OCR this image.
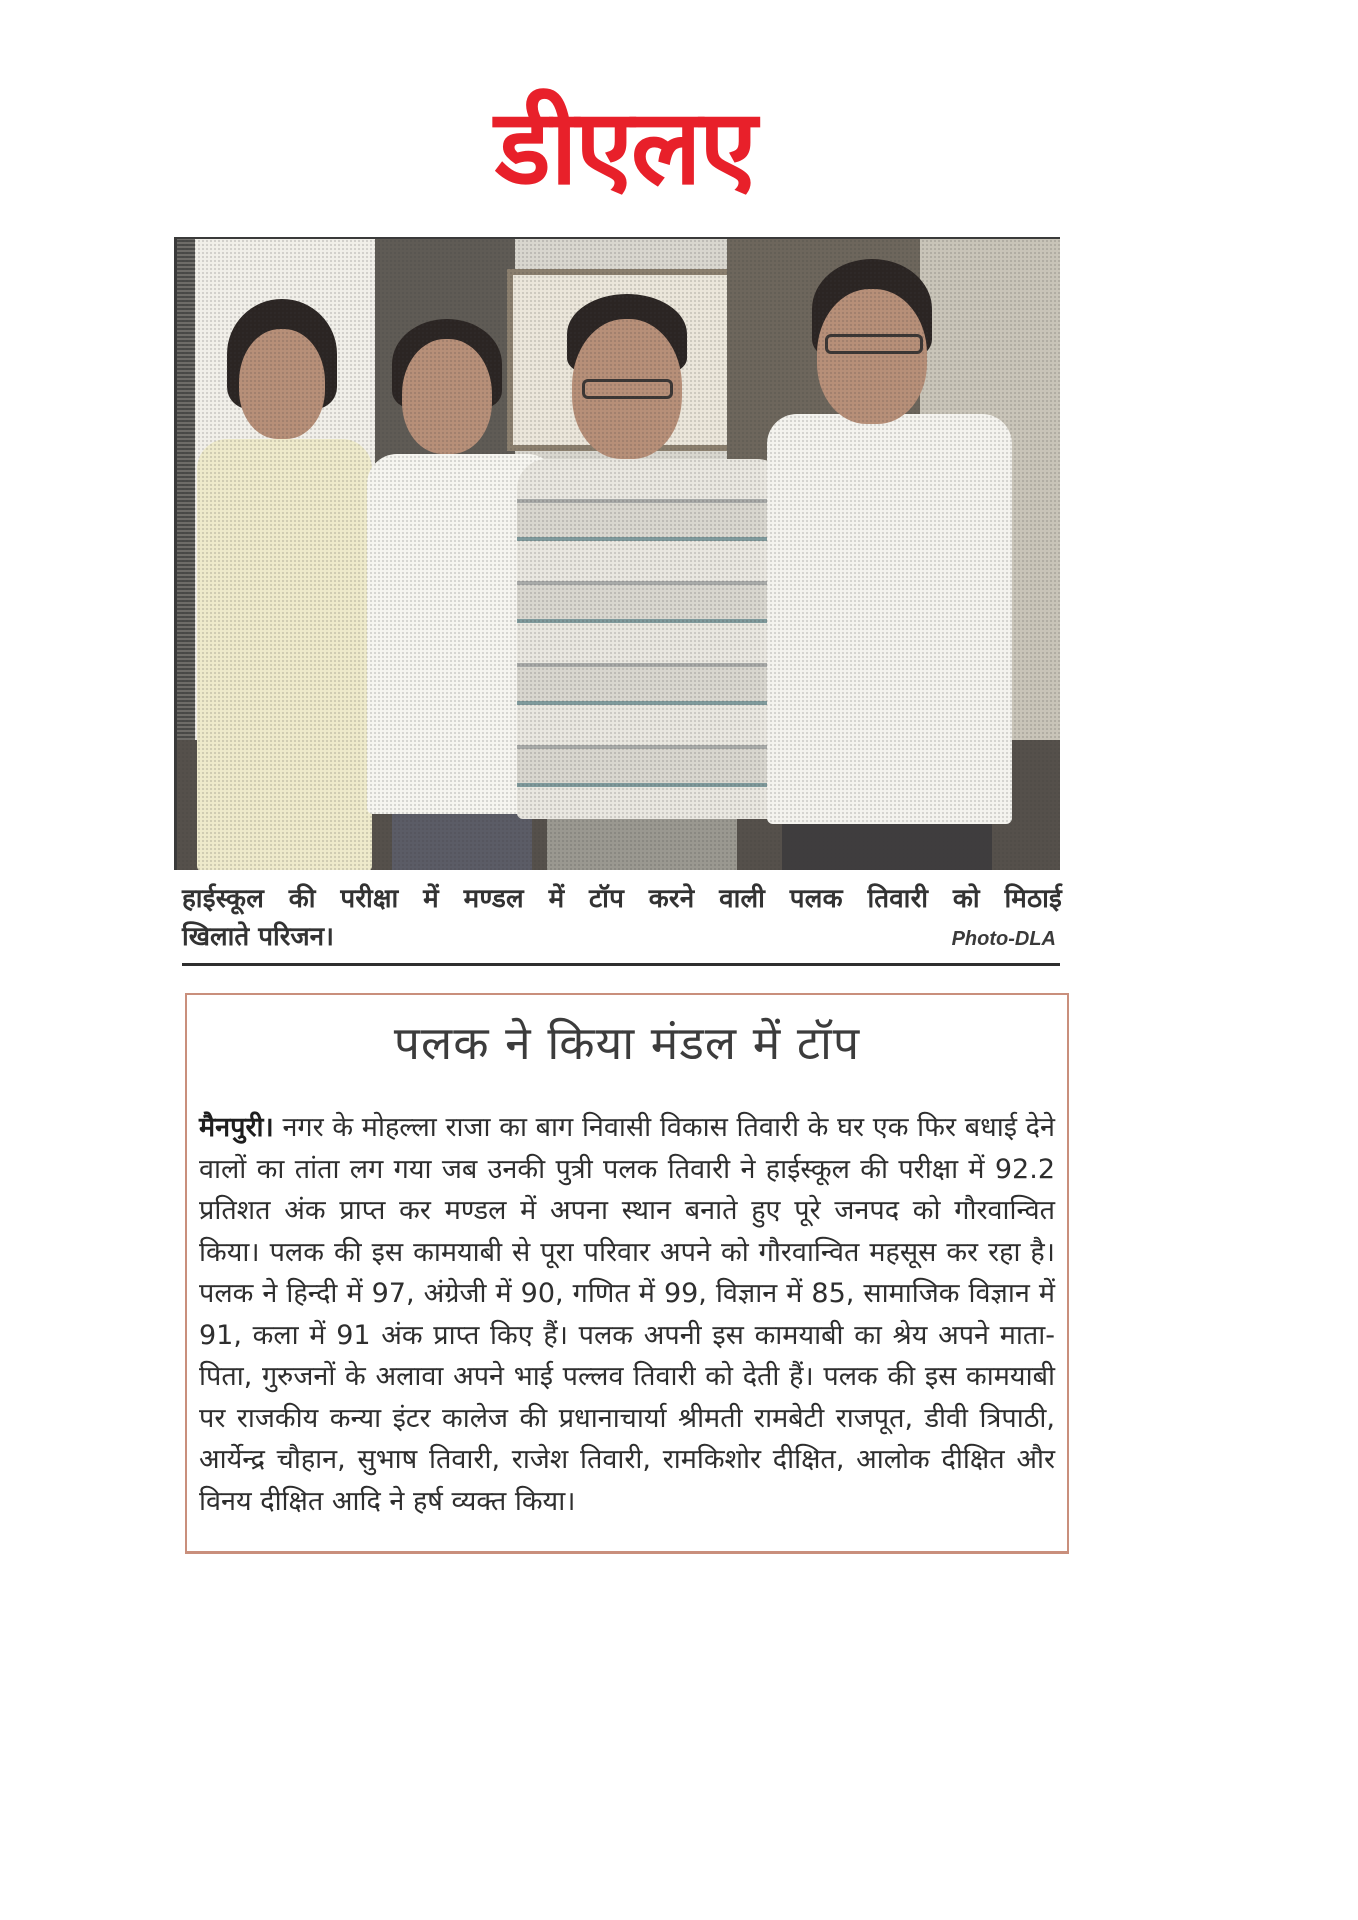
डीएलए
हाईस्कूल की परीक्षा में मण्डल में टॉप करने वाली पलक तिवारी को मिठाई
खिलाते परिजन।	Photo-DLA
पलक ने किया मंडल में टॉप

मैनपुरी। नगर के मोहल्ला राजा का बाग निवासी विकास तिवारी के घर एक फिर बधाई देने वालों का तांता लग गया जब उनकी पुत्री पलक तिवारी ने हाईस्कूल की परीक्षा में 92.2 प्रतिशत अंक प्राप्त कर मण्डल में अपना स्थान बनाते हुए पूरे जनपद को गौरवान्वित किया। पलक की इस कामयाबी से पूरा परिवार अपने को गौरवान्वित महसूस कर रहा है। पलक ने हिन्दी में 97, अंग्रेजी में 90, गणित में 99, विज्ञान में 85, सामाजिक विज्ञान में 91, कला में 91 अंक प्राप्त किए हैं। पलक अपनी इस कामयाबी का श्रेय अपने माता-पिता, गुरुजनों के अलावा अपने भाई पल्लव तिवारी को देती हैं। पलक की इस कामयाबी पर राजकीय कन्या इंटर कालेज की प्रधानाचार्या श्रीमती रामबेटी राजपूत, डीवी त्रिपाठी, आर्येन्द्र चौहान, सुभाष तिवारी, राजेश तिवारी, रामकिशोर दीक्षित, आलोक दीक्षित और विनय दीक्षित आदि ने हर्ष व्यक्त किया।
